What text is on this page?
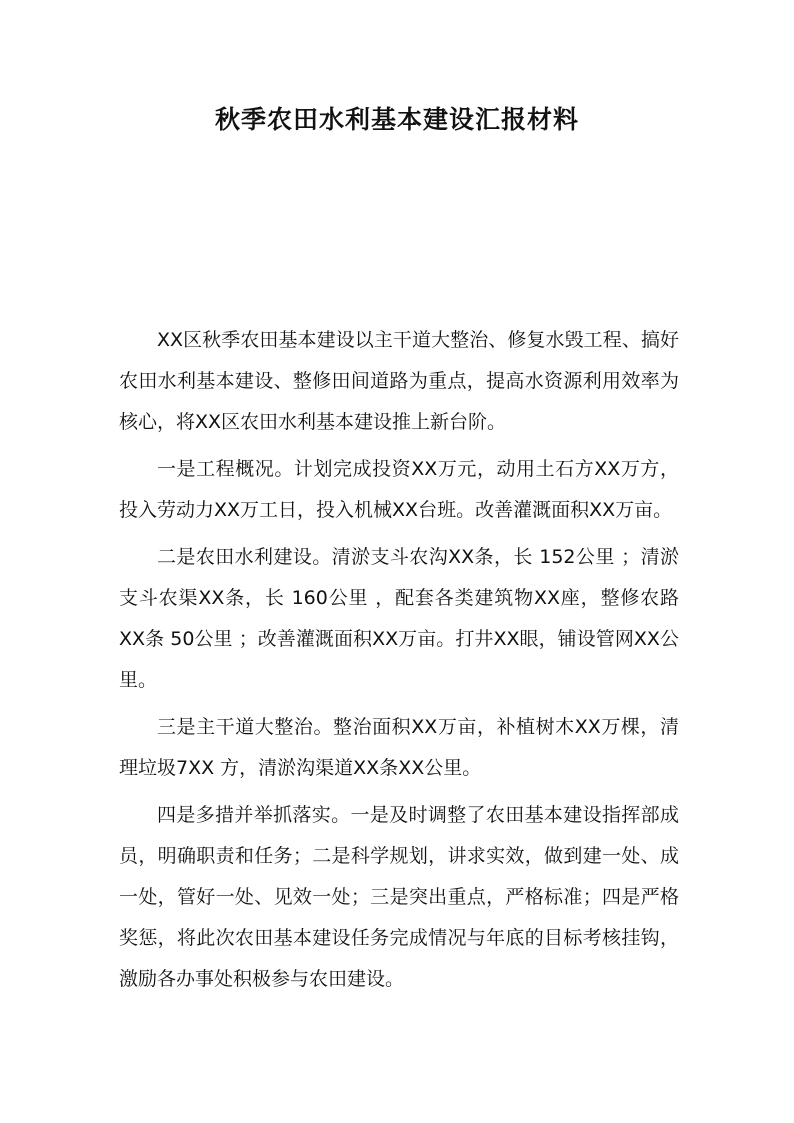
秋季农田水利基本建设汇报材料

XX区秋季农田基本建设以主干道大整治、修复水毁工程、搞好农田水利基本建设、整修田间道路为重点，提高水资源利用效率为核心，将XX区农田水利基本建设推上新台阶。

一是工程概况。计划完成投资XX万元，动用土石方XX万方，投入劳动力XX万工日，投入机械XX台班。改善灌溉面积XX万亩。

二是农田水利建设。清淤支斗农沟XX条，长 152公里 ；清淤支斗农渠XX条，长 160公里 ，配套各类建筑物XX座，整修农路XX条 50公里 ；改善灌溉面积XX万亩。打井XX眼，铺设管网XX公里。

三是主干道大整治。整治面积XX万亩，补植树木XX万棵，清理垃圾7XX 方，清淤沟渠道XX条XX公里。

四是多措并举抓落实。一是及时调整了农田基本建设指挥部成员，明确职责和任务；二是科学规划，讲求实效，做到建一处、成一处，管好一处、见效一处；三是突出重点，严格标准；四是严格奖惩，将此次农田基本建设任务完成情况与年底的目标考核挂钩，激励各办事处积极参与农田建设。
